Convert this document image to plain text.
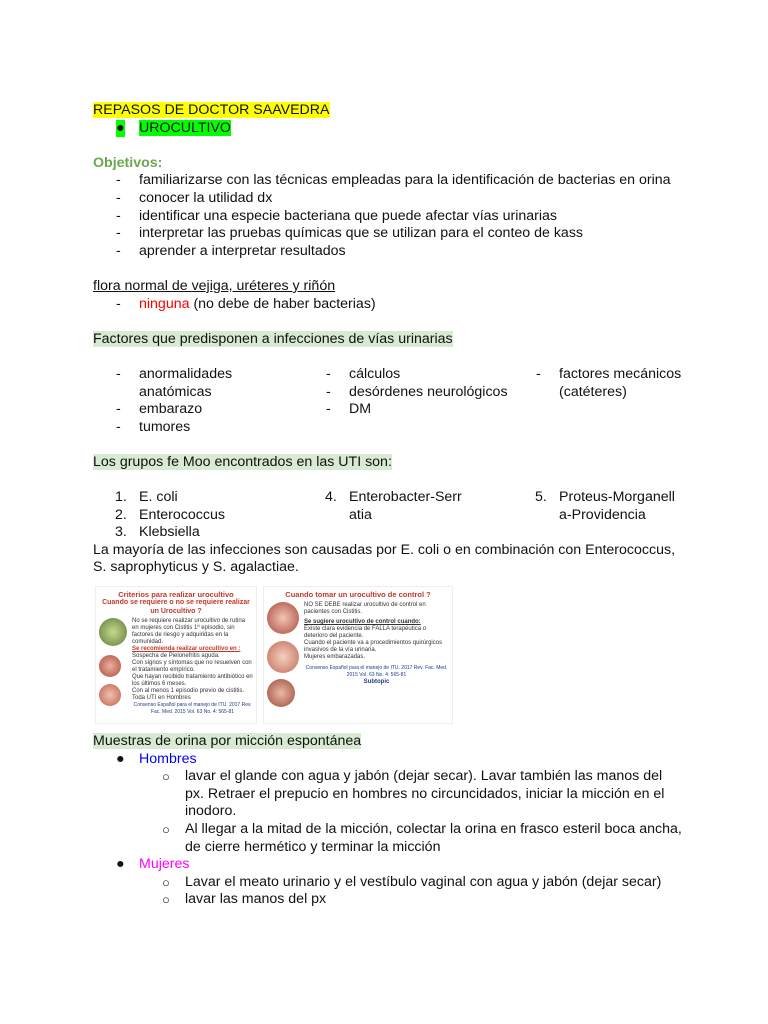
REPASOS DE DOCTOR SAAVEDRA
● UROCULTIVO
Objetivos:
- familiarizarse con las técnicas empleadas para la identificación de bacterias en orina
- conocer la utilidad dx
- identificar una especie bacteriana que puede afectar vías urinarias
- interpretar las pruebas químicas que se utilizan para el conteo de kass
- aprender a interpretar resultados
flora normal de vejiga, uréteres y riñón
- ninguna (no debe de haber bacterias)
Factores que predisponen a infecciones de vías urinarias
- anormalidades anatómicas
- embarazo
- tumores
- cálculos
- desórdenes neurológicos
- DM
- factores mecánicos (catéteres)
Los grupos fe Moo encontrados en las UTI son:
1. E. coli
2. Enterococcus
3. Klebsiella
4. Enterobacter-Serratia
5. Proteus-Morganella-Providencia
La mayoría de las infecciones son causadas por E. coli o en combinación con Enterococcus, S. saprophyticus y S. agalactiae.
Criterios para realizar urocultivo
Cuando se requiere o no se requiere realizar un Urocultivo ?

No se requiere realizar urocultivo de rutina en mujeres con Cistitis 1º episodio, sin factores de riesgo y adquiridas en la comunidad.
Se recomienda realizar urocultivo en :
Sospecha de Pielonefritis aguda.
Con signos y síntomas que no resuelven con el tratamiento empírico.
Que hayan recibido tratamiento antibiótico en los últimos 6 meses.
Con al menos 1 episodio previo de cistitis.
Toda UTI en Hombres
Consenso Español para el manejo de ITU. 2017 Rev. Fac. Med. 2015 Vol. 63 No. 4: 565-81
Cuando tomar un urocultivo de control ?

NO SE DEBE realizar urocultivo de control en pacientes con Cistitis.
Se sugiere urocultivo de control cuando:
Existe clara evidencia de FALLA terapéutica o deterioro del paciente.
Cuando el paciente va a procedimientos quirúrgicos invasivos de la vía urinaria.
Mujeres embarazadas.
Consenso Español para el manejo de ITU. 2017 Rev. Fac. Med. 2015 Vol. 63 No. 4: 565-81
Subtopic
Muestras de orina por micción espontánea
● Hombres
○ lavar el glande con agua y jabón (dejar secar). Lavar también las manos del px. Retraer el prepucio en hombres no circuncidados, iniciar la micción en el inodoro.
○ Al llegar a la mitad de la micción, colectar la orina en frasco esteril boca ancha, de cierre hermético y terminar la micción
● Mujeres
○ Lavar el meato urinario y el vestíbulo vaginal con agua y jabón (dejar secar)
○ lavar las manos del px
